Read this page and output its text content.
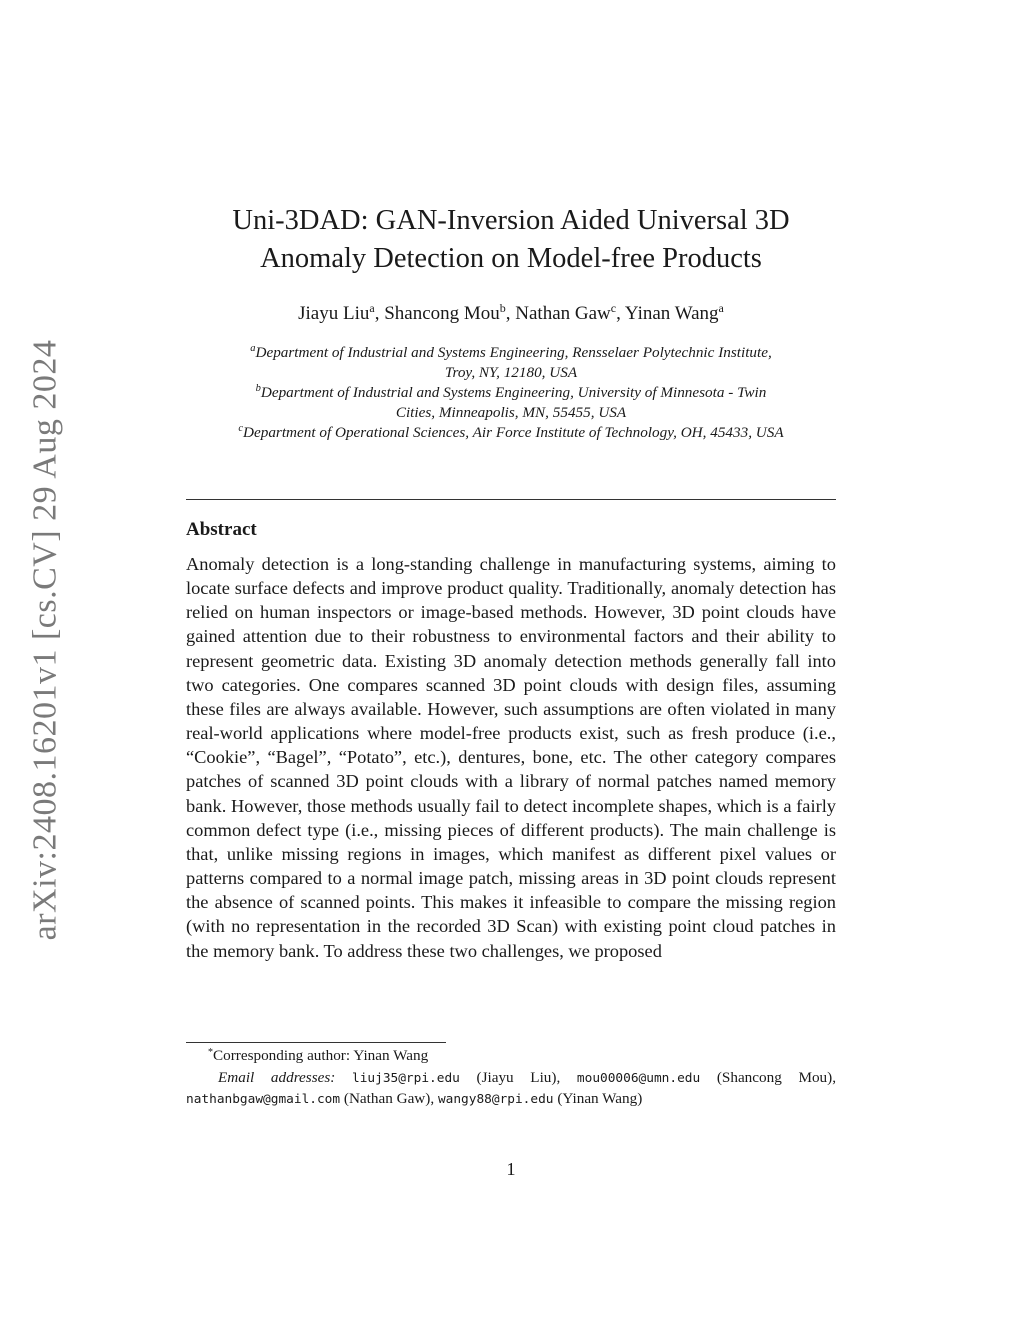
arXiv:2408.16201v1 [cs.CV] 29 Aug 2024
Uni-3DAD: GAN-Inversion Aided Universal 3D
Anomaly Detection on Model-free Products
Jiayu Liu$^a$, Shancong Mou$^b$, Nathan Gaw$^c$, Yinan Wang$^a$
$^a$Department of Industrial and Systems Engineering, Rensselaer Polytechnic Institute,
Troy, NY, 12180, USA
$^b$Department of Industrial and Systems Engineering, University of Minnesota - Twin
Cities, Minneapolis, MN, 55455, USA
$^c$Department of Operational Sciences, Air Force Institute of Technology, OH, 45433, USA
Abstract

Anomaly detection is a long-standing challenge in manufacturing systems, aiming to locate surface defects and improve product quality. Traditionally, anomaly detection has relied on human inspectors or image-based methods. However, 3D point clouds have gained attention due to their robustness to environmental factors and their ability to represent geometric data. Existing 3D anomaly detection methods generally fall into two categories. One compares scanned 3D point clouds with design files, assuming these files are always available. However, such assumptions are often violated in many real-world applications where model-free products exist, such as fresh produce (i.e., “Cookie”, “Bagel”, “Potato”, etc.), dentures, bone, etc. The other category compares patches of scanned 3D point clouds with a library of normal patches named memory bank. However, those methods usually fail to detect incomplete shapes, which is a fairly common defect type (i.e., missing pieces of different products). The main challenge is that, unlike missing regions in images, which manifest as different pixel values or patterns compared to a normal image patch, missing areas in 3D point clouds represent the absence of scanned points. This makes it infeasible to compare the missing region (with no representation in the recorded 3D Scan) with existing point cloud patches in the memory bank. To address these two challenges, we proposed

*Corresponding author: Yinan Wang
Email addresses: liuj35@rpi.edu (Jiayu Liu), mou00006@umn.edu (Shancong Mou), nathanbgaw@gmail.com (Nathan Gaw), wangy88@rpi.edu (Yinan Wang)
1
